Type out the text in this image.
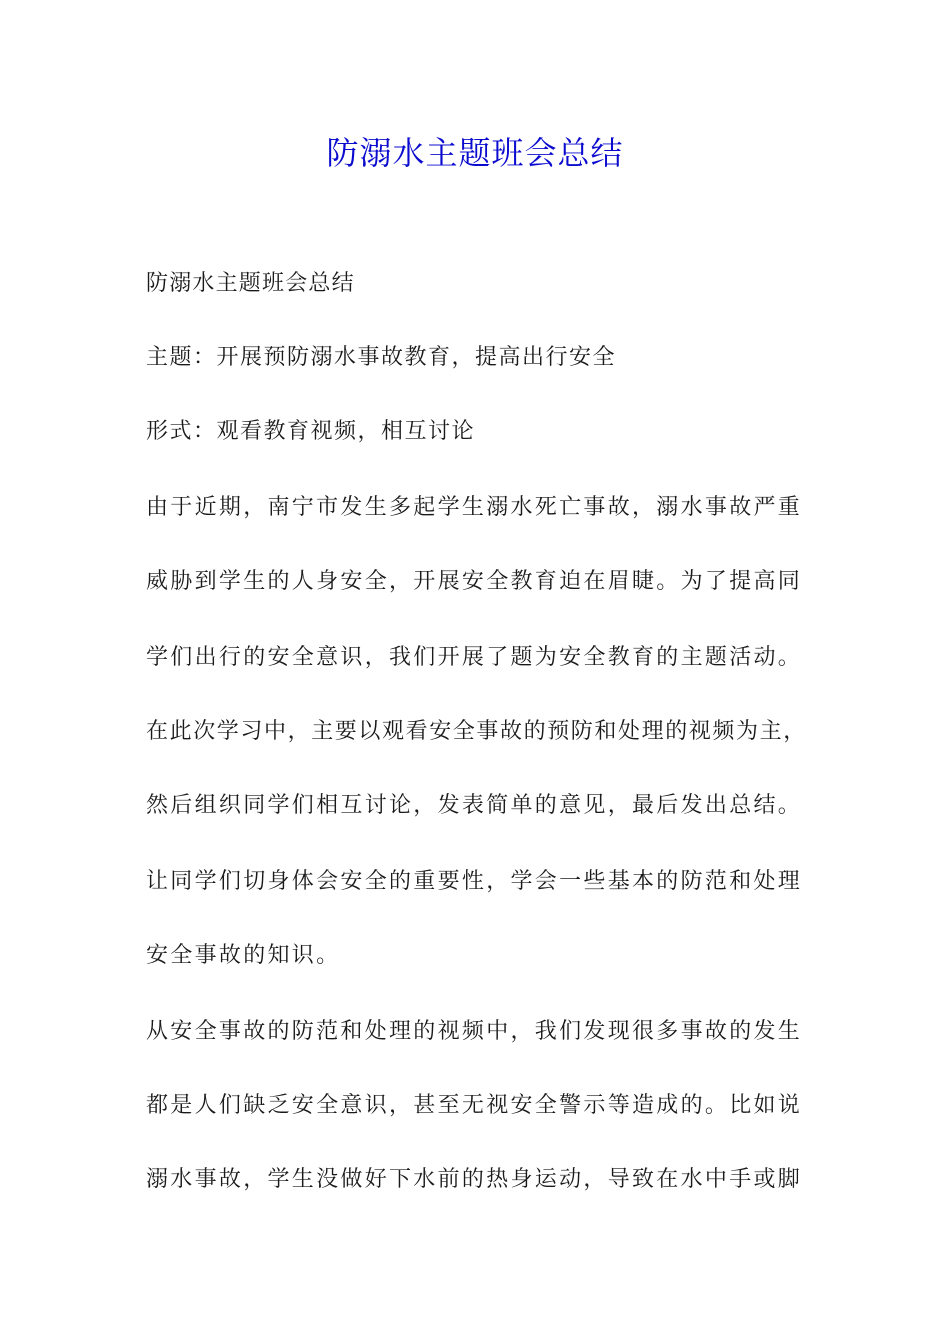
防溺水主题班会总结
防溺水主题班会总结
主题：开展预防溺水事故教育，提高出行安全
形式：观看教育视频，相互讨论
由于近期，南宁市发生多起学生溺水死亡事故，溺水事故严重
威胁到学生的人身安全，开展安全教育迫在眉睫。为了提高同
学们出行的安全意识，我们开展了题为安全教育的主题活动。
在此次学习中，主要以观看安全事故的预防和处理的视频为主，
然后组织同学们相互讨论，发表简单的意见，最后发出总结。
让同学们切身体会安全的重要性，学会一些基本的防范和处理
安全事故的知识。
从安全事故的防范和处理的视频中，我们发现很多事故的发生
都是人们缺乏安全意识，甚至无视安全警示等造成的。比如说
溺水事故，学生没做好下水前的热身运动，导致在水中手或脚
